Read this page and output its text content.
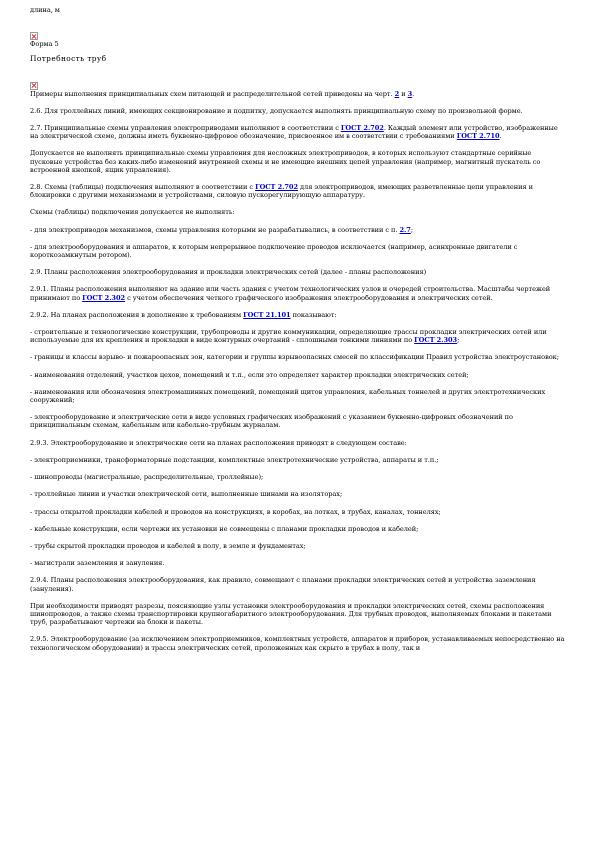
длина, м

Форма 5

Потребность труб

Примеры выполнения принципиальных схем питающей и распределительной сетей приведены на черт. 2 и 3.

2.6. Для троллейных линий, имеющих секционирование и подпитку, допускается выполнять принципиальную схему по произвольной форме.

2.7. Принципиальные схемы управления электроприводами выполняют в соответствии с ГОСТ 2.702. Каждый элемент или устройство, изображенные на электрической схеме, должны иметь буквенно-цифровое обозначение, присвоенное им в соответствии с требованиями ГОСТ 2.710.

Допускается не выполнять принципиальные схемы управления для несложных электроприводов, в которых используют стандартные серийные пусковые устройства без каких-либо изменений внутренней схемы и не имеющие внешних цепей управления (например, магнитный пускатель со встроенной кнопкой, ящик управления).

2.8. Схемы (таблицы) подключения выполняют в соответствии с ГОСТ 2.702 для электроприводов, имеющих разветвленные цепи управления и блокировки с другими механизмами и устройствами, силовую пускорегулирующую аппаратуру.

Схемы (таблицы) подключения допускается не выполнять:

- для электроприводов механизмов, схемы управления которыми не разрабатывались, в соответствии с п. 2.7;

- для электрооборудования и аппаратов, к которым непрерывное подключение проводов исключается (например, асинхронные двигатели с короткозамкнутым ротором).

2.9. Планы расположения электрооборудования и прокладки электрических сетей (далее - планы расположения)

2.9.1. Планы расположения выполняют на здание или часть здания с учетом технологических узлов и очередей строительства. Масштабы чертежей принимают по ГОСТ 2.302 с учетом обеспечения четкого графического изображения электрооборудования и электрических сетей.

2.9.2. На планах расположения в дополнение к требованиям ГОСТ 21.101 показывают:

- строительные и технологические конструкции, трубопроводы и другие коммуникации, определяющие трассы прокладки электрических сетей или используемые для их крепления и прокладки в виде контурных очертаний - сплошными тонкими линиями по ГОСТ 2.303;

- границы и классы взрыво- и пожароопасных зон, категории и группы взрывоопасных смесей по классификации Правил устройства электроустановок;

- наименования отделений, участков цехов, помещений и т.п., если это определяет характер прокладки электрических сетей;

- наименования или обозначения электромашинных помещений, помещений щитов управления, кабельных тоннелей и других электротехнических сооружений;

- электрооборудование и электрические сети в виде условных графических изображений с указанием буквенно-цифровых обозначений по принципиальным схемам, кабельным или кабельно-трубным журналам.

2.9.3. Электрооборудование и электрические сети на планах расположения приводят в следующем составе:

- электроприемники, трансформаторные подстанции, комплектные электротехнические устройства, аппараты и т.п.;

- шинопроводы (магистральные, распределительные, троллейные);

- троллейные линии и участки электрической сети, выполненные шинами на изоляторах;

- трассы открытой прокладки кабелей и проводов на конструкциях, в коробах, на лотках, в трубах, каналах, тоннелях;

- кабельные конструкции, если чертежи их установки не совмещены с планами прокладки проводов и кабелей;

- трубы скрытой прокладки проводов и кабелей в полу, в земле и фундаментах;

- магистрали заземления и зануления.

2.9.4. Планы расположения электрооборудования, как правило, совмещают с планами прокладки электрических сетей и устройства заземления (зануления).

При необходимости приводят разрезы, поясняющие узлы установки электрооборудования и прокладки электрических сетей, схемы расположения шинопроводов, а также схемы транспортировки крупногабаритного электрооборудования. Для трубных проводок, выполняемых блоками и пакетами труб, разрабатывают чертежи на блоки и пакеты.

2.9.5. Электрооборудование (за исключением электроприемников, комплектных устройств, аппаратов и приборов, устанавливаемых непосредственно на технологическом оборудовании) и трассы электрических сетей, проложенных как скрыто в трубах в полу, так и
